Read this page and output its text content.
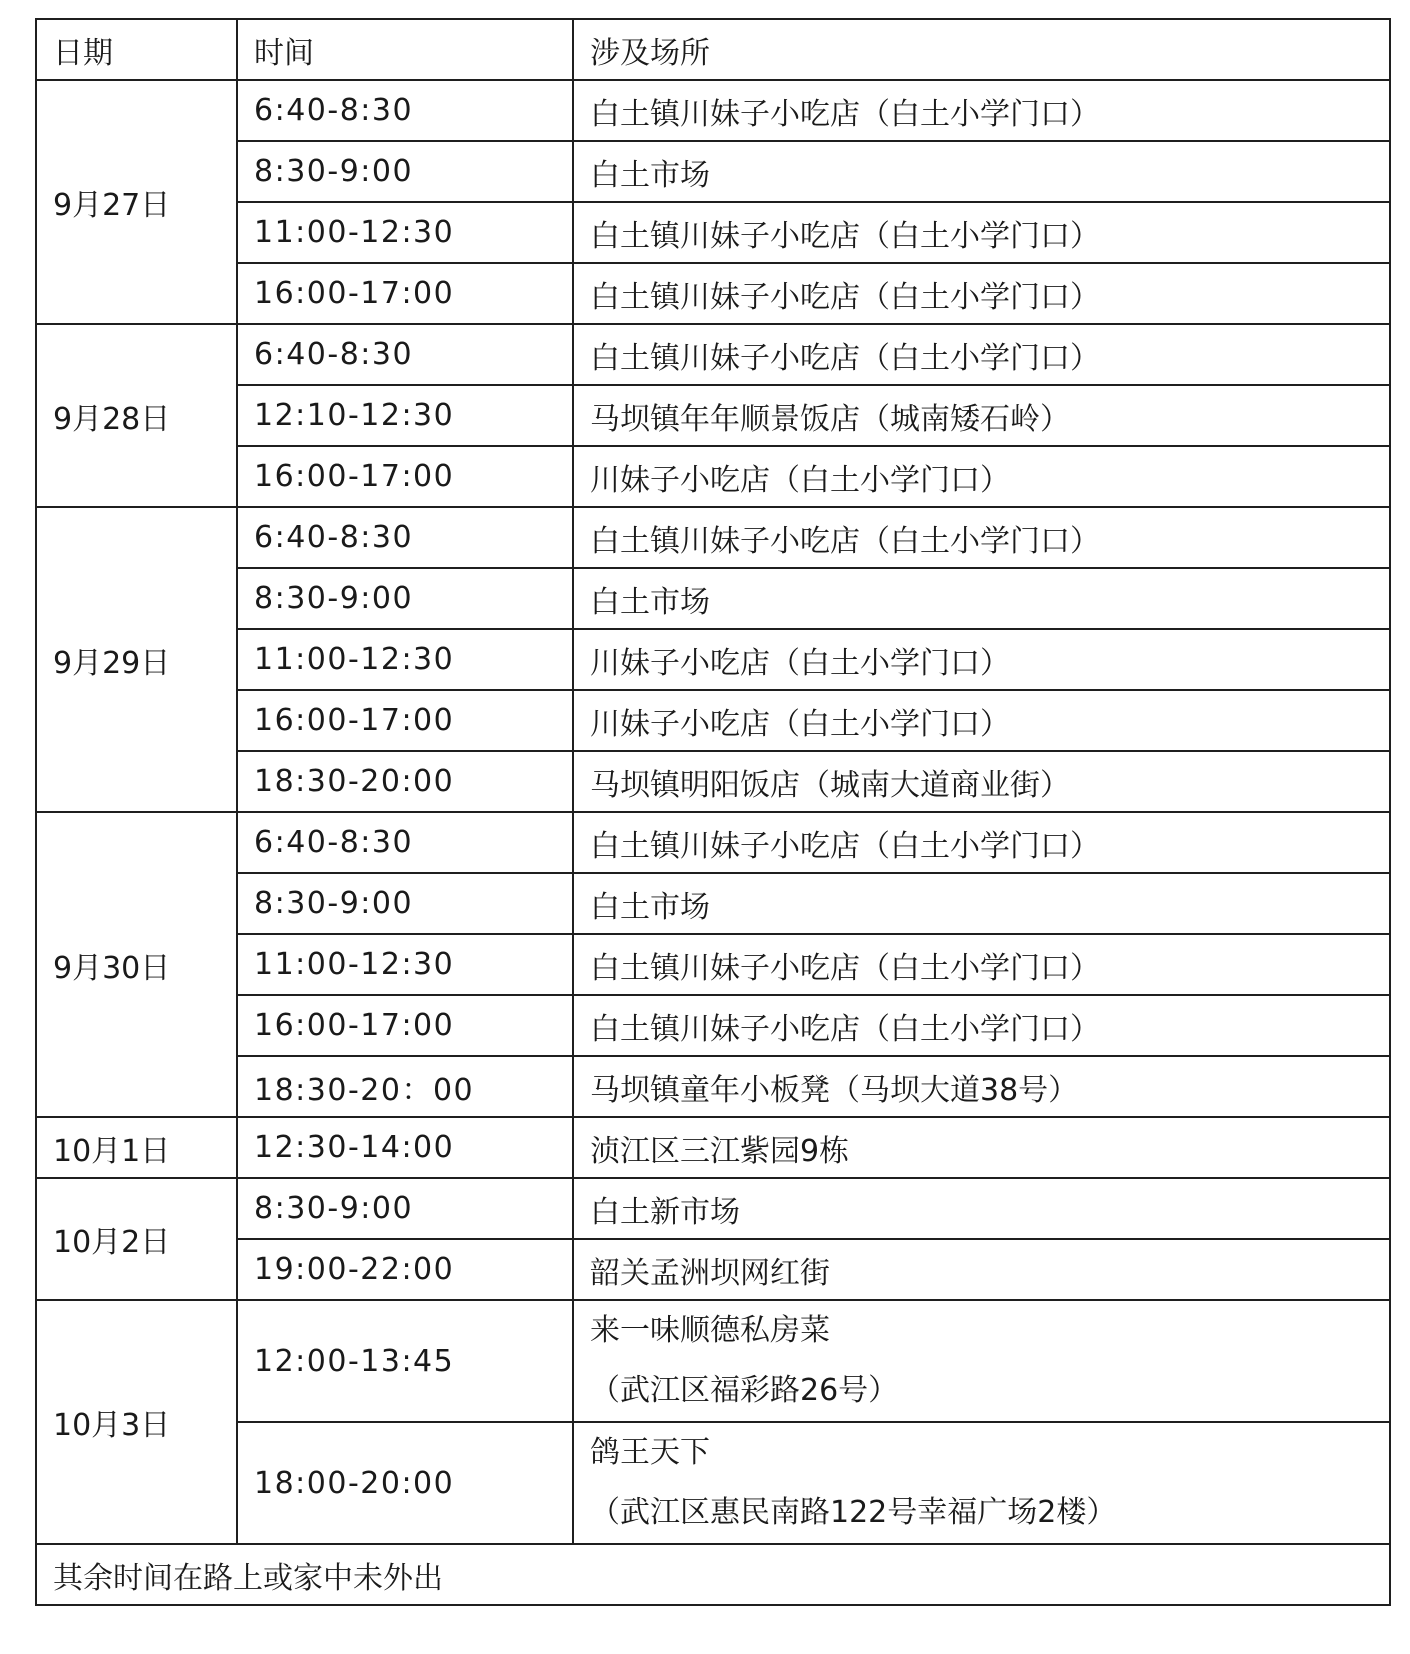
日期	时间	涉及场所
9月27日	6:40-8:30	白土镇川妹子小吃店（白土小学门口）
	8:30-9:00	白土市场
	11:00-12:30	白土镇川妹子小吃店（白土小学门口）
	16:00-17:00	白土镇川妹子小吃店（白土小学门口）
9月28日	6:40-8:30	白土镇川妹子小吃店（白土小学门口）
	12:10-12:30	马坝镇年年顺景饭店（城南矮石岭）
	16:00-17:00	川妹子小吃店（白土小学门口）
9月29日	6:40-8:30	白土镇川妹子小吃店（白土小学门口）
	8:30-9:00	白土市场
	11:00-12:30	川妹子小吃店（白土小学门口）
	16:00-17:00	川妹子小吃店（白土小学门口）
	18:30-20:00	马坝镇明阳饭店（城南大道商业街）
9月30日	6:40-8:30	白土镇川妹子小吃店（白土小学门口）
	8:30-9:00	白土市场
	11:00-12:30	白土镇川妹子小吃店（白土小学门口）
	16:00-17:00	白土镇川妹子小吃店（白土小学门口）
	18:30-20：00	马坝镇童年小板凳（马坝大道38号）
10月1日	12:30-14:00	浈江区三江紫园9栋
10月2日	8:30-9:00	白土新市场
	19:00-22:00	韶关孟洲坝网红街
10月3日	12:00-13:45	来一味顺德私房菜
（武江区福彩路26号）

	18:00-20:00	鸽王天下
（武江区惠民南路122号幸福广场2楼）

其余时间在路上或家中未外出		
